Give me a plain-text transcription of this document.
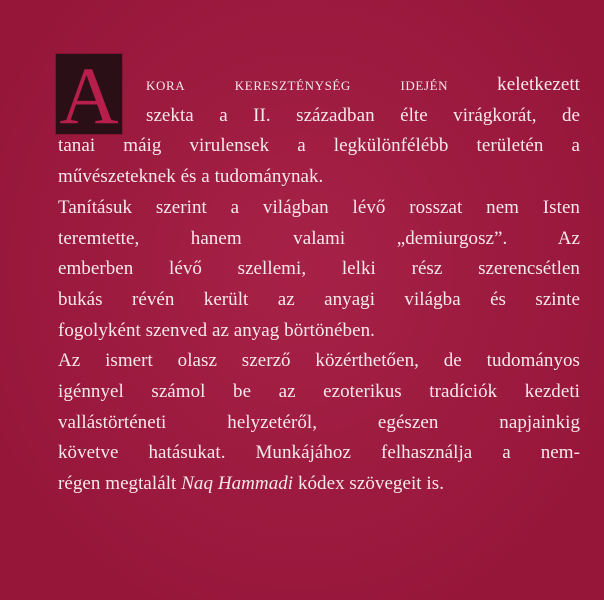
A	kora kereszténység idején	keletkezett
szekta a II. században élte virágkorát, de
tanai máig virulensek a legkülönfélébb területén a
művészeteknek és a tudománynak.
Tanításuk szerint a világban lévő rosszat nem Isten
teremtette, hanem valami „demiurgosz”. Az
emberben lévő szellemi, lelki rész szerencsétlen
bukás révén került az anyagi világba és szinte
fogolyként szenved az anyag börtönében.
Az ismert olasz szerző közérthetően, de tudományos
igénnyel számol be az ezoterikus tradíciók kezdeti
vallástörténeti helyzetéről, egészen napjainkig
követve hatásukat. Munkájához felhasználja a nem-
régen megtalált Naq Hammadi kódex szövegeit is.
